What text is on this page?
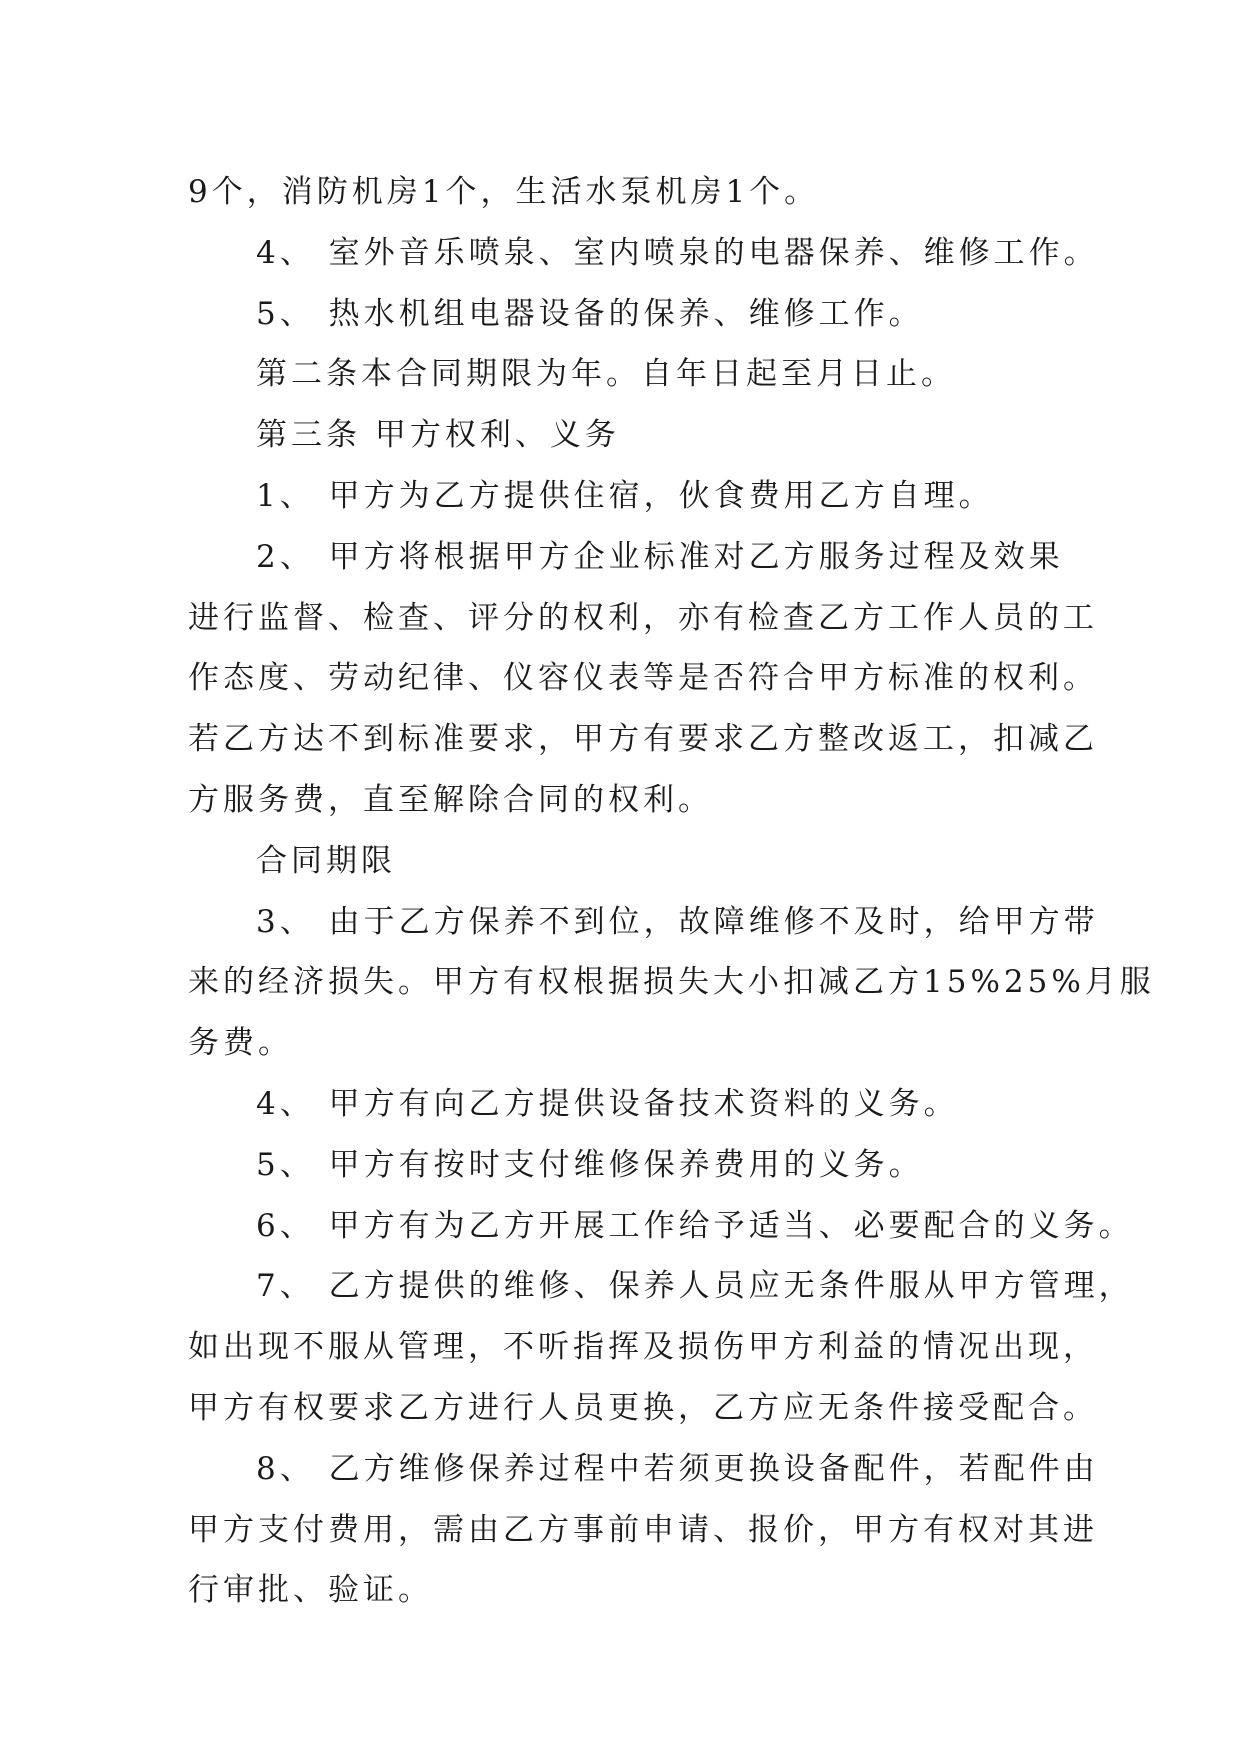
9个，消防机房1个，生活水泵机房1个。
4、 室外音乐喷泉、室内喷泉的电器保养、维修工作。
5、 热水机组电器设备的保养、维修工作。
第二条本合同期限为年。自年日起至月日止。
第三条 甲方权利、义务
1、 甲方为乙方提供住宿，伙食费用乙方自理。
2、 甲方将根据甲方企业标准对乙方服务过程及效果
进行监督、检查、评分的权利，亦有检查乙方工作人员的工
作态度、劳动纪律、仪容仪表等是否符合甲方标准的权利。
若乙方达不到标准要求，甲方有要求乙方整改返工，扣减乙
方服务费，直至解除合同的权利。
合同期限
3、 由于乙方保养不到位，故障维修不及时，给甲方带
来的经济损失。甲方有权根据损失大小扣减乙方15%25%月服
务费。
4、 甲方有向乙方提供设备技术资料的义务。
5、 甲方有按时支付维修保养费用的义务。
6、 甲方有为乙方开展工作给予适当、必要配合的义务。
7、 乙方提供的维修、保养人员应无条件服从甲方管理，
如出现不服从管理，不听指挥及损伤甲方利益的情况出现，
甲方有权要求乙方进行人员更换，乙方应无条件接受配合。
8、 乙方维修保养过程中若须更换设备配件，若配件由
甲方支付费用，需由乙方事前申请、报价，甲方有权对其进
行审批、验证。
